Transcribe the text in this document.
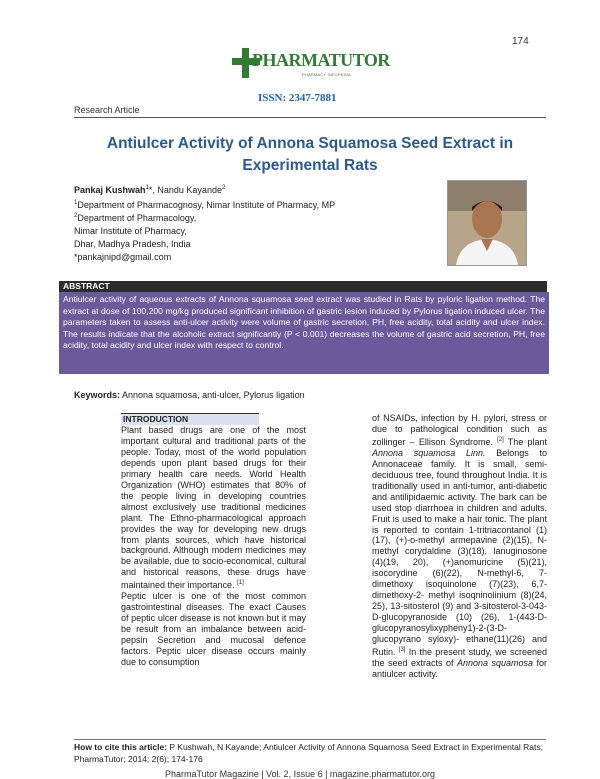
174
PHARMATUTOR
PHARMACY INFOPEDIA
ISSN: 2347-7881
Research Article
Antiulcer Activity of Annona Squamosa Seed Extract in Experimental Rats
Pankaj Kushwah$^1$*, Nandu Kayande$^2$
$^1$Department of Pharmacognosy, Nimar Institute of Pharmacy, MP
$^2$Department of Pharmacology,
Nimar Institute of Pharmacy,
Dhar, Madhya Pradesh, India
*pankajnipd@gmail.com
ABSTRACT
Antiulcer activity of aqueous extracts of Annona squamosa seed extract was studied in Rats by pyloric ligation method. The extract at dose of 100,200 mg/kg produced significant inhibition of gastric lesion induced by Pylorus ligation induced ulcer. The parameters taken to assess anti-ulcer activity were volume of gastric secretion, PH, free acidity, total acidity and ulcer index. The results indicate that the alcoholic extract significantly (P < 0.001) decreases the volume of gastric acid secretion, PH, free acidity, total acidity and ulcer index with respect to control.
Keywords: Annona squamosa, anti-ulcer, Pylorus ligation
INTRODUCTION

Plant based drugs are one of the most important cultural and traditional parts of the people. Today, most of the world population depends upon plant based drugs for their primary health care needs. World Health Organization (WHO) estimates that 80% of the people living in developing countries almost exclusively use traditional medicines plant. The Ethno-pharmacological approach provides the way for developing new drugs from plants sources, which have historical background. Although modern medicines may be available, due to socio-economical, cultural and historical reasons, these drugs have maintained their importance. [1]

Peptic ulcer is one of the most common gastrointestinal diseases. The exact Causes of peptic ulcer disease is not known but it may be result from an imbalance between acid-pepsin Secretion and mucosal defence factors. Peptic ulcer disease occurs mainly due to consumption

of NSAIDs, infection by H. pylori, stress or due to pathological condition such as zollinger – Ellison Syndrome. [2] The plant Annona squamosa Linn. Belongs to Annonaceae family. It is small, semi-deciduous tree, found throughout India. It is traditionally used in anti-tumor, anti-diabetic and antilipidaemic activity. The bark can be used stop diarrhoea in children and adults. Fruit is used to make a hair tonic. The plant is reported to contain 1-tritriacontanol (1)(17), (+)-o-methyl armepavine (2)(15), N-methyl corydaldine (3)(18), lanuginosone (4)(19, 20), (+)anomuricine (5)(21), isocorydine (6)(22), N-methyl-6, 7-dimethoxy isoquinolone (7)(23), 6,7-dimethoxy-2- methyl isoqninolinium (8)(24, 25), 13-sitosterol (9) and 3-sitosterol-3-043-D-glucopyranoside (10) (26), 1-(443-D-glucopyranosylixypheny1)-2-(3-D- glucopyrano syloxy)- ethane(11)(26) and Rutin. [3] In the present study, we screened the seed extracts of Annona squamosa for antiulcer activity.

How to cite this article: P Kushwah, N Kayande; Antiulcer Activity of Annona Squamosa Seed Extract in Experimental Rats; PharmaTutor; 2014; 2(6); 174-176
PharmaTutor Magazine | Vol. 2, Issue 6 | magazine.pharmatutor.org
